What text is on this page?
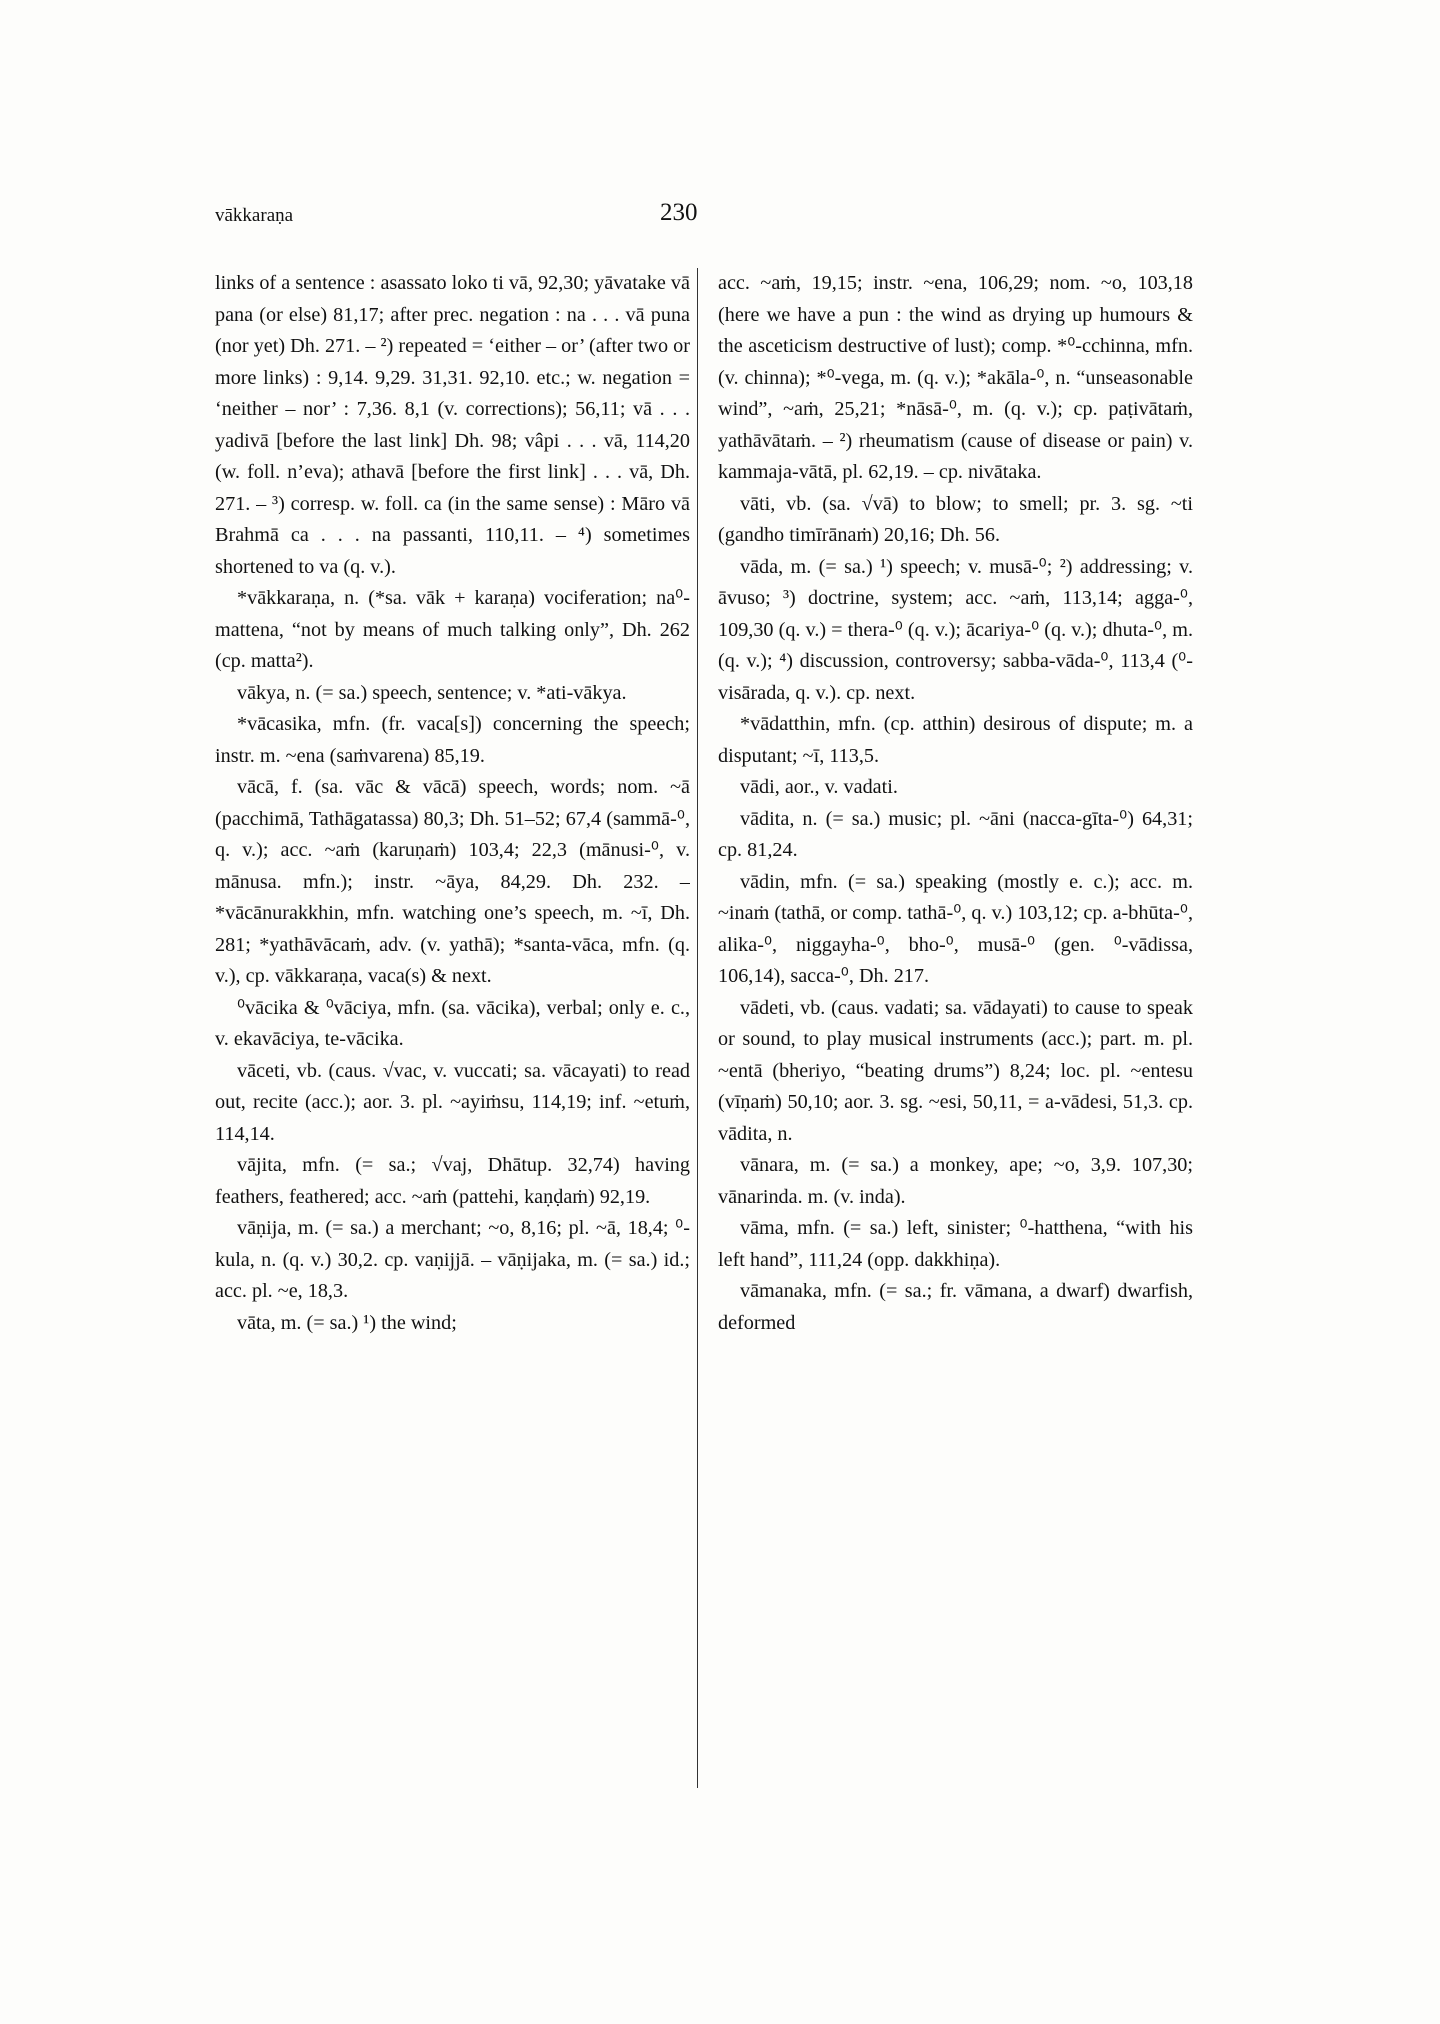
vākkaraṇa	230

links of a sentence : asassato loko ti vā, 92,30; yāvatake vā pana (or else) 81,17; after prec. negation : na . . . vā puna (nor yet) Dh. 271. – ²) repeated = ‘either – or’ (after two or more links) : 9,14. 9,29. 31,31. 92,10. etc.; w. negation = ‘neither – nor’ : 7,36. 8,1 (v. corrections); 56,11; vā . . . yadivā [before the last link] Dh. 98; vâpi . . . vā, 114,20 (w. foll. n’eva); athavā [before the first link] . . . vā, Dh. 271. – ³) corresp. w. foll. ca (in the same sense) : Māro vā Brahmā ca . . . na passanti, 110,11. – ⁴) sometimes shortened to va (q. v.).

*vākkaraṇa, n. (*sa. vāk + karaṇa) vociferation; na⁰-mattena, “not by means of much talking only”, Dh. 262 (cp. matta²).

vākya, n. (= sa.) speech, sentence; v. *ati-vākya.

*vācasika, mfn. (fr. vaca[s]) concerning the speech; instr. m. ~ena (saṁvarena) 85,19.

vācā, f. (sa. vāc & vācā) speech, words; nom. ~ā (pacchimā, Tathāgatassa) 80,3; Dh. 51–52; 67,4 (sammā-⁰, q. v.); acc. ~aṁ (karuṇaṁ) 103,4; 22,3 (mānusi-⁰, v. mānusa. mfn.); instr. ~āya, 84,29. Dh. 232. – *vācānurakkhin, mfn. watching one’s speech, m. ~ī, Dh. 281; *yathāvācaṁ, adv. (v. yathā); *santa-vāca, mfn. (q. v.), cp. vākkaraṇa, vaca(s) & next.

⁰vācika & ⁰vāciya, mfn. (sa. vācika), verbal; only e. c., v. ekavāciya, te-vācika.

vāceti, vb. (caus. √vac, v. vuccati; sa. vācayati) to read out, recite (acc.); aor. 3. pl. ~ayiṁsu, 114,19; inf. ~etuṁ, 114,14.

vājita, mfn. (= sa.; √vaj, Dhātup. 32,74) having feathers, feathered; acc. ~aṁ (pattehi, kaṇḍaṁ) 92,19.

vāṇija, m. (= sa.) a merchant; ~o, 8,16; pl. ~ā, 18,4; ⁰-kula, n. (q. v.) 30,2. cp. vaṇijjā. – vāṇijaka, m. (= sa.) id.; acc. pl. ~e, 18,3.

vāta, m. (= sa.) ¹) the wind;

acc. ~aṁ, 19,15; instr. ~ena, 106,29; nom. ~o, 103,18 (here we have a pun : the wind as drying up humours & the asceticism destructive of lust); comp. *⁰-cchinna, mfn. (v. chinna); *⁰-vega, m. (q. v.); *akāla-⁰, n. “unseasonable wind”, ~aṁ, 25,21; *nāsā-⁰, m. (q. v.); cp. paṭivātaṁ, yathāvātaṁ. – ²) rheumatism (cause of disease or pain) v. kammaja-vātā, pl. 62,19. – cp. nivātaka.

vāti, vb. (sa. √vā) to blow; to smell; pr. 3. sg. ~ti (gandho timīrānaṁ) 20,16; Dh. 56.

vāda, m. (= sa.) ¹) speech; v. musā-⁰; ²) addressing; v. āvuso; ³) doctrine, system; acc. ~aṁ, 113,14; agga-⁰, 109,30 (q. v.) = thera-⁰ (q. v.); ācariya-⁰ (q. v.); dhuta-⁰, m. (q. v.); ⁴) discussion, controversy; sabba-vāda-⁰, 113,4 (⁰-visārada, q. v.). cp. next.

*vādatthin, mfn. (cp. atthin) desirous of dispute; m. a disputant; ~ī, 113,5.

vādi, aor., v. vadati.

vādita, n. (= sa.) music; pl. ~āni (nacca-gīta-⁰) 64,31; cp. 81,24.

vādin, mfn. (= sa.) speaking (mostly e. c.); acc. m. ~inaṁ (tathā, or comp. tathā-⁰, q. v.) 103,12; cp. a-bhūta-⁰, alika-⁰, niggayha-⁰, bho-⁰, musā-⁰ (gen. ⁰-vādissa, 106,14), sacca-⁰, Dh. 217.

vādeti, vb. (caus. vadati; sa. vādayati) to cause to speak or sound, to play musical instruments (acc.); part. m. pl. ~entā (bheriyo, “beating drums”) 8,24; loc. pl. ~entesu (vīṇaṁ) 50,10; aor. 3. sg. ~esi, 50,11, = a-vādesi, 51,3. cp. vādita, n.

vānara, m. (= sa.) a monkey, ape; ~o, 3,9. 107,30; vānarinda. m. (v. inda).

vāma, mfn. (= sa.) left, sinister; ⁰-hatthena, “with his left hand”, 111,24 (opp. dakkhiṇa).

vāmanaka, mfn. (= sa.; fr. vāmana, a dwarf) dwarfish, deformed
